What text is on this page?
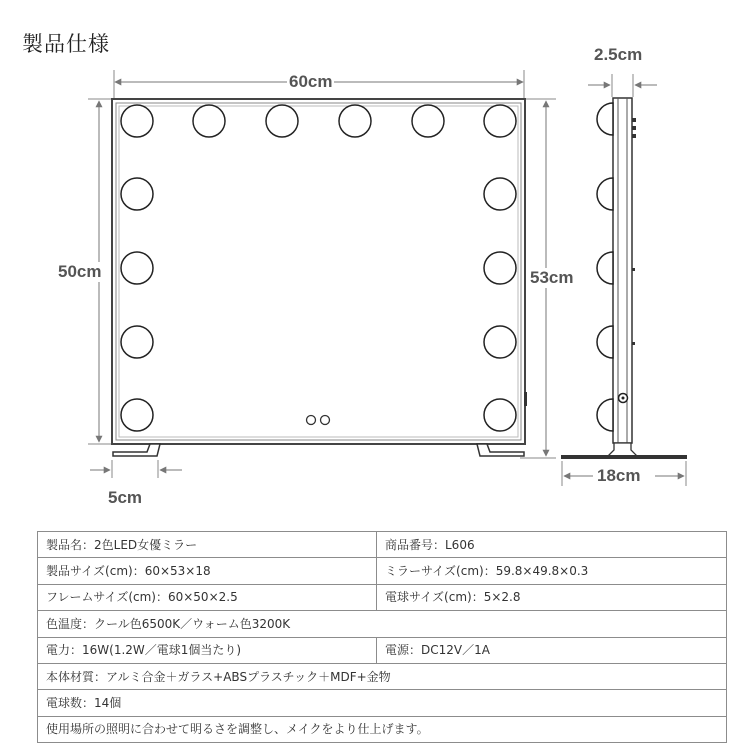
製品仕様
60cm
50cm	53cm
2.5cm
5cm
18cm
製品名：2色LED女優ミラー	商品番号：L606
製品サイズ(cm)：60×53×18	ミラーサイズ(cm)：59.8×49.8×0.3
フレームサイズ(cm)：60×50×2.5	電球サイズ(cm)：5×2.8
色温度：クール色6500K／ウォーム色3200K	
電力：16W(1.2W／電球1個当たり)	電源：DC12V／1A
本体材質：アルミ合金＋ガラス+ABSプラスチック＋MDF+金物	
電球数：14個	
使用場所の照明に合わせて明るさを調整し、メイクをより仕上げます。	
